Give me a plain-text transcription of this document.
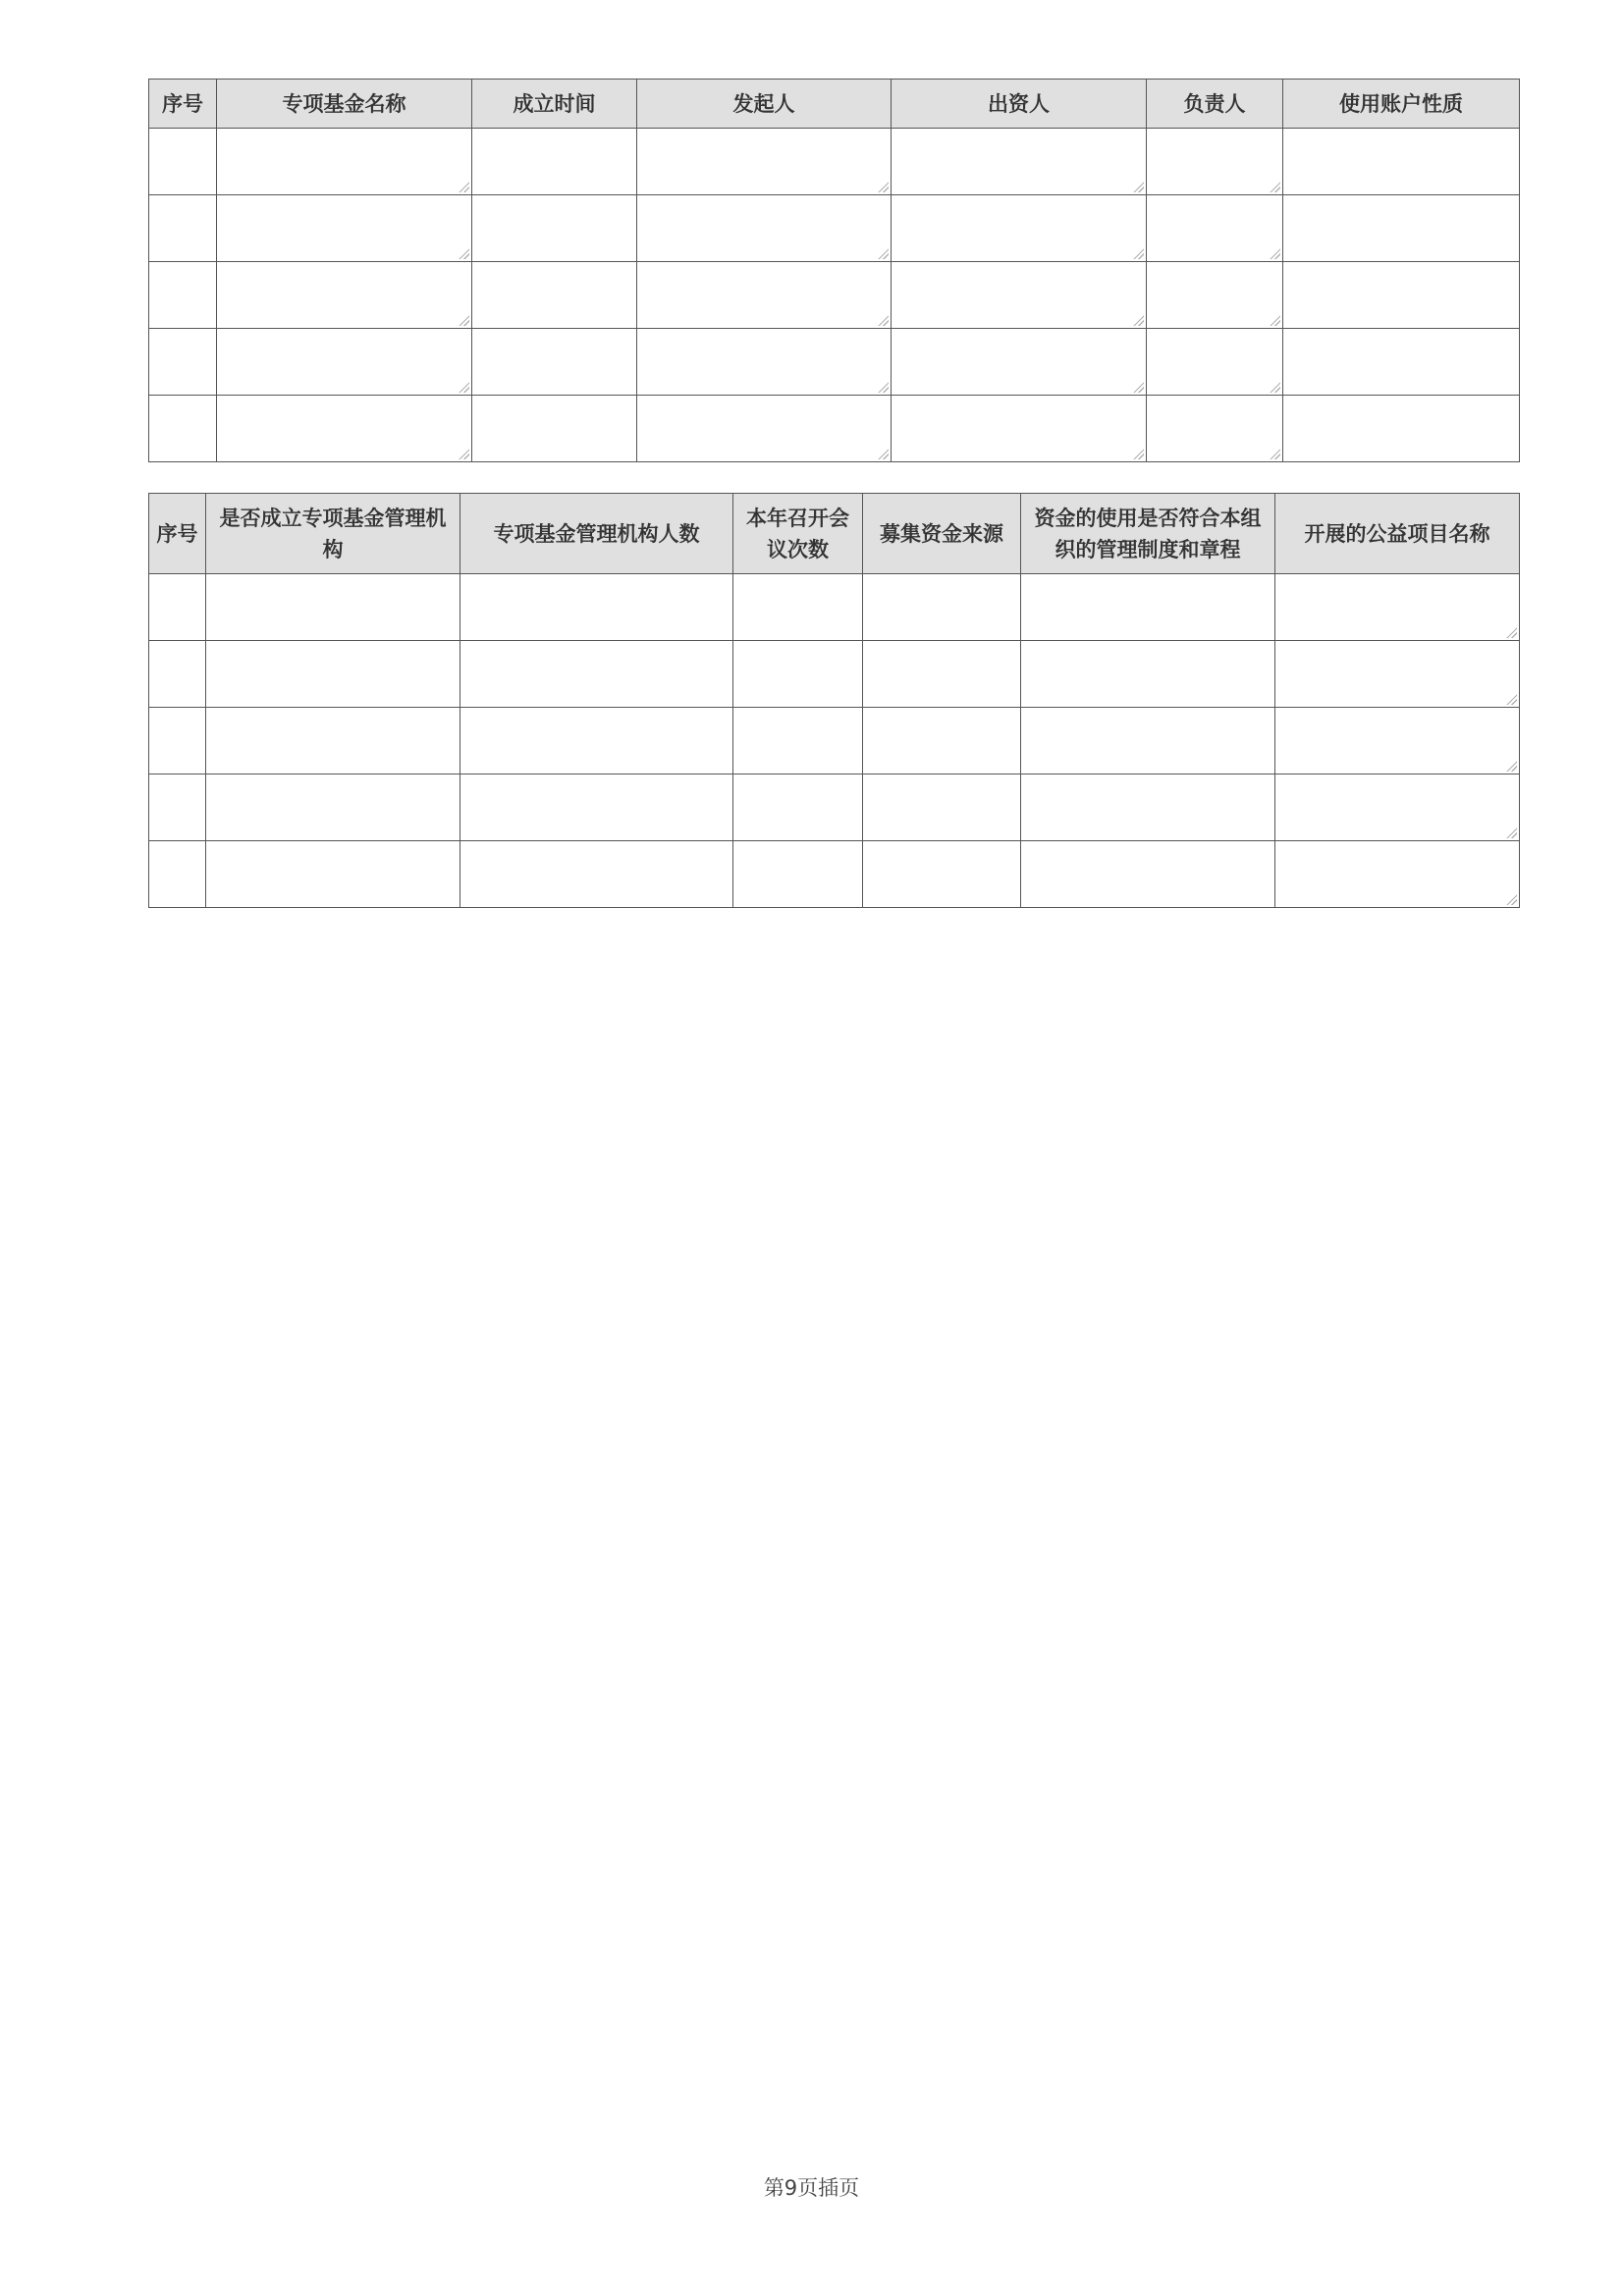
序号	专项基金名称	成立时间	发起人	出资人	负责人	使用账户性质

序号	是否成立专项基金管理机构	专项基金管理机构人数	本年召开会议次数	募集资金来源	资金的使用是否符合本组织的管理制度和章程	开展的公益项目名称

第9页插页
